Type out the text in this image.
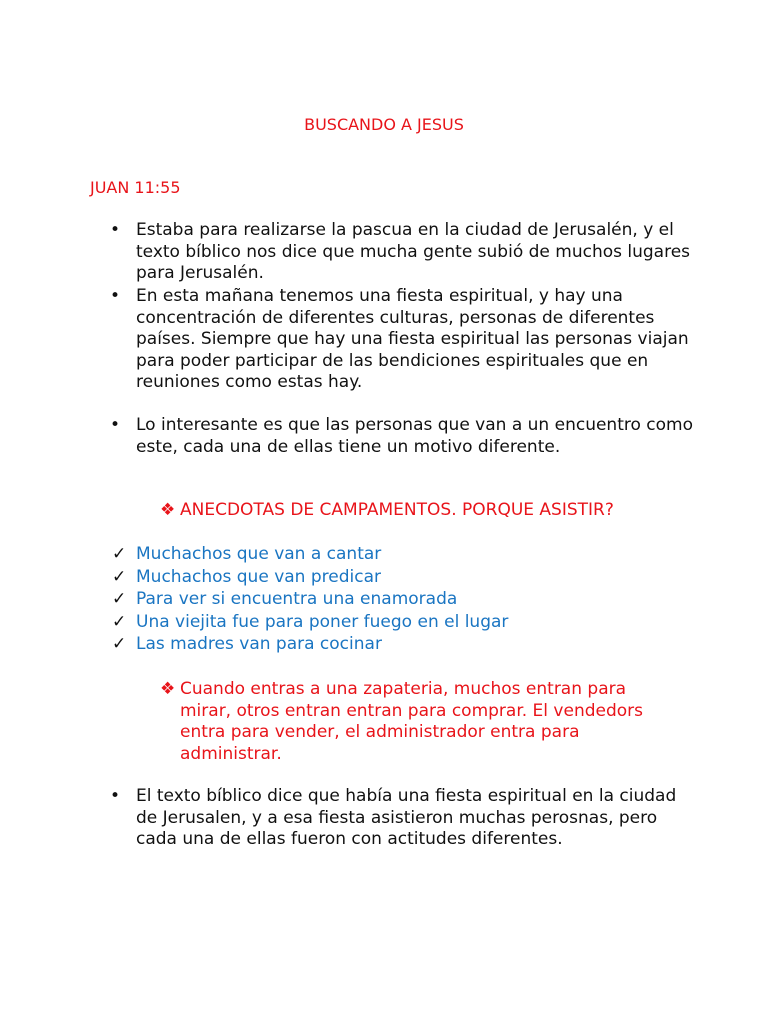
BUSCANDO A JESUS
JUAN 11:55
• Estaba para realizarse la pascua en la ciudad de Jerusalén, y el texto bíblico nos dice que mucha gente subió de muchos lugares para Jerusalén.
• En esta mañana tenemos una fiesta espiritual, y hay una concentración de diferentes culturas, personas de diferentes países. Siempre que hay una fiesta espiritual las personas viajan para poder participar de las bendiciones espirituales que en reuniones como estas hay.
• Lo interesante es que las personas que van a un encuentro como este, cada una de ellas tiene un motivo diferente.
❖ ANECDOTAS DE CAMPAMENTOS. PORQUE ASISTIR?
✓ Muchachos que van a cantar
✓ Muchachos que van predicar
✓ Para ver si encuentra una enamorada
✓ Una viejita fue para poner fuego en el lugar
✓ Las madres van para cocinar
❖ Cuando entras a una zapateria, muchos entran para mirar, otros entran entran para comprar. El vendedors entra para vender, el administrador entra para administrar.
• El texto bíblico dice que había una fiesta espiritual en la ciudad de Jerusalen, y a esa fiesta asistieron muchas perosnas, pero cada una de ellas fueron con actitudes diferentes.
